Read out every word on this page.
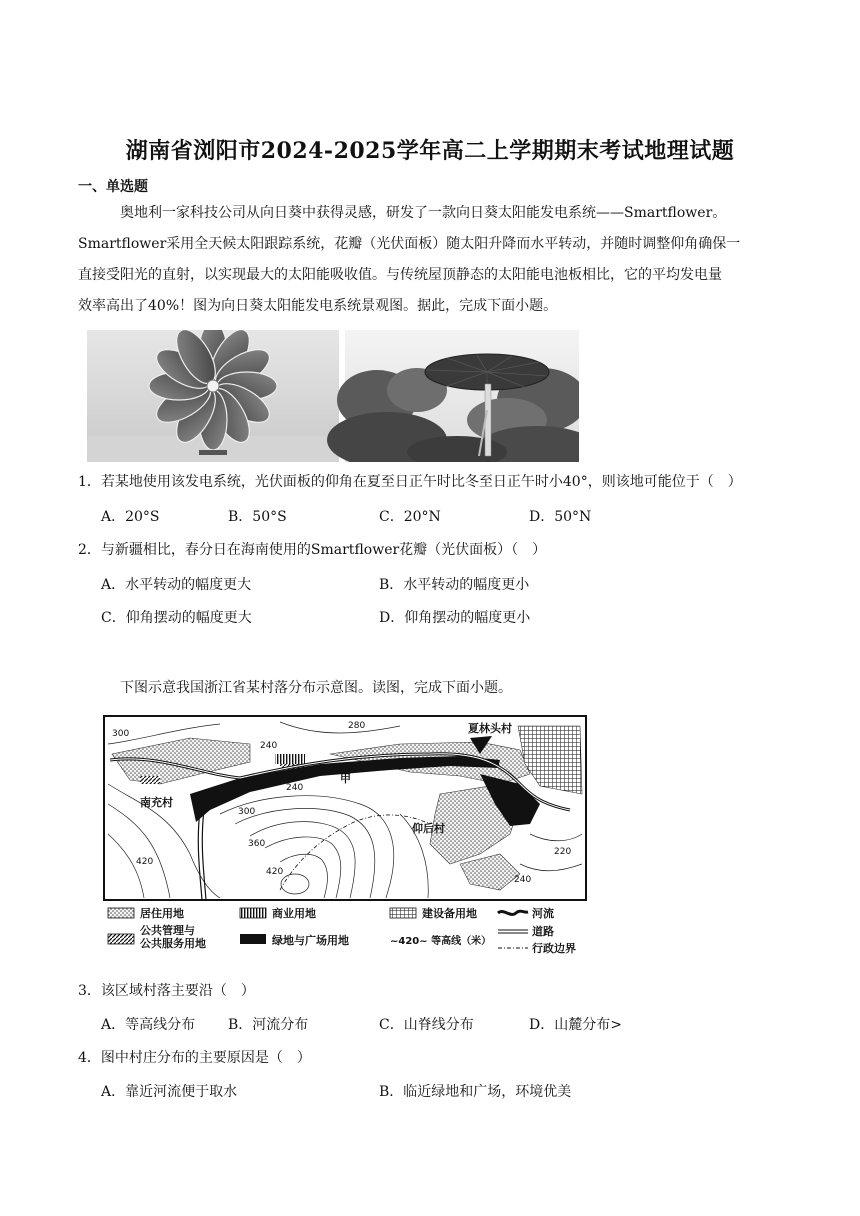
湖南省浏阳市2024-2025学年高二上学期期末考试地理试题
一、单选题
奥地利一家科技公司从向日葵中获得灵感，研发了一款向日葵太阳能发电系统——Smartflower。
Smartflower采用全天候太阳跟踪系统，花瓣（光伏面板）随太阳升降而水平转动，并随时调整仰角确保一
直接受阳光的直射，以实现最大的太阳能吸收值。与传统屋顶静态的太阳能电池板相比，它的平均发电量
效率高出了40%！图为向日葵太阳能发电系统景观图。据此，完成下面小题。
1．若某地使用该发电系统，光伏面板的仰角在夏至日正午时比冬至日正午时小40°，则该地可能位于（　）
A．20°S	B．50°S	C．20°N	D．50°N
2．与新疆相比，春分日在海南使用的Smartflower花瓣（光伏面板）（　）
A．水平转动的幅度更大	B．水平转动的幅度更小
C．仰角摆动的幅度更大	D．仰角摆动的幅度更小
下图示意我国浙江省某村落分布示意图。读图，完成下面小题。
300
240
280
240
300
360
420
420
220
240
夏林头村
南充村
甲
仰后村
居住用地	商业用地	建设备用地	河流
公共管理与
公共服务用地	绿地与广场用地	~420~ 等高线（米）
道路
行政边界
3．该区域村落主要沿（　）
A．等高线分布 B．河流分布	C．山脊线分布	D．山麓分布>
4．图中村庄分布的主要原因是（　）
A．靠近河流便于取水	B．临近绿地和广场，环境优美
